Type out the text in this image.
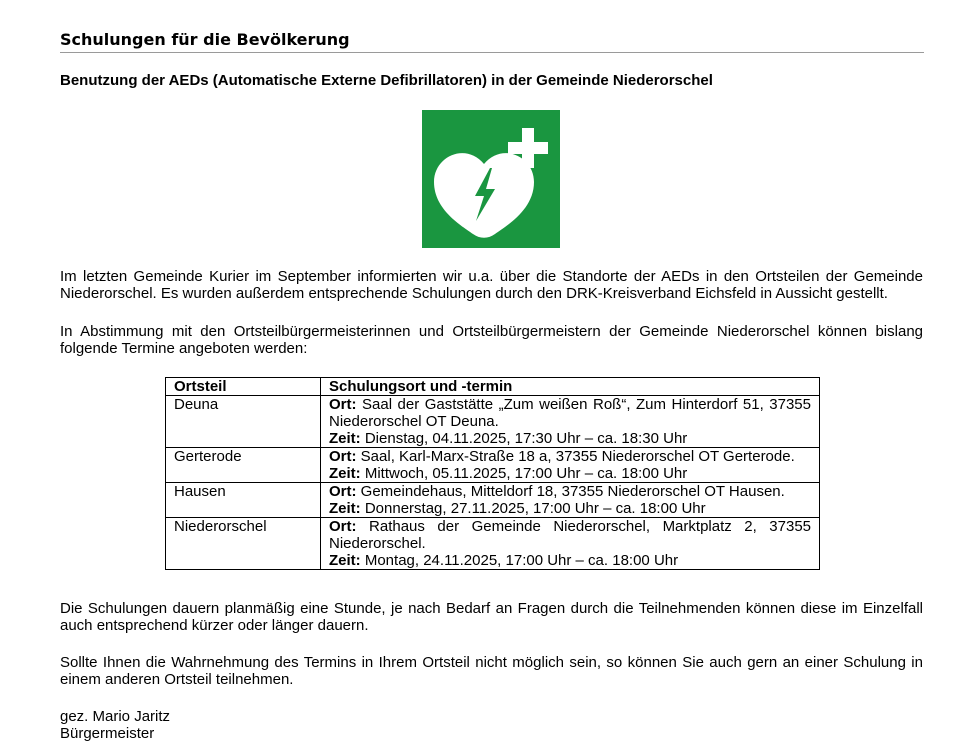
Schulungen für die Bevölkerung
Benutzung der AEDs (Automatische Externe Defibrillatoren) in der Gemeinde Niederorschel

Im letzten Gemeinde Kurier im September informierten wir u.a. über die Standorte der AEDs in den Ortsteilen der Gemeinde Niederorschel. Es wurden außerdem entsprechende Schulungen durch den DRK-Kreisverband Eichsfeld in Aussicht gestellt.

In Abstimmung mit den Ortsteilbürgermeisterinnen und Ortsteilbürgermeistern der Gemeinde Niederorschel können bislang folgende Termine angeboten werden:

Ortsteil	Schulungsort und -termin
Deuna	Ort: Saal der Gaststätte „Zum weißen Roß“, Zum Hinterdorf 51, 37355 Niederorschel OT Deuna.
Zeit: Dienstag, 04.11.2025, 17:30 Uhr – ca. 18:30 Uhr

Gerterode	Ort: Saal, Karl-Marx-Straße 18 a, 37355 Niederorschel OT Gerterode.
Zeit: Mittwoch, 05.11.2025, 17:00 Uhr – ca. 18:00 Uhr

Hausen	Ort: Gemeindehaus, Mitteldorf 18, 37355 Niederorschel OT Hausen.
Zeit: Donnerstag, 27.11.2025, 17:00 Uhr – ca. 18:00 Uhr

Niederorschel	Ort: Rathaus der Gemeinde Niederorschel, Marktplatz 2, 37355 Niederorschel.
Zeit: Montag, 24.11.2025, 17:00 Uhr – ca. 18:00 Uhr

Die Schulungen dauern planmäßig eine Stunde, je nach Bedarf an Fragen durch die Teilnehmenden können diese im Einzelfall auch entsprechend kürzer oder länger dauern.

Sollte Ihnen die Wahrnehmung des Termins in Ihrem Ortsteil nicht möglich sein, so können Sie auch gern an einer Schulung in einem anderen Ortsteil teilnehmen.

gez. Mario Jaritz
Bürgermeister
